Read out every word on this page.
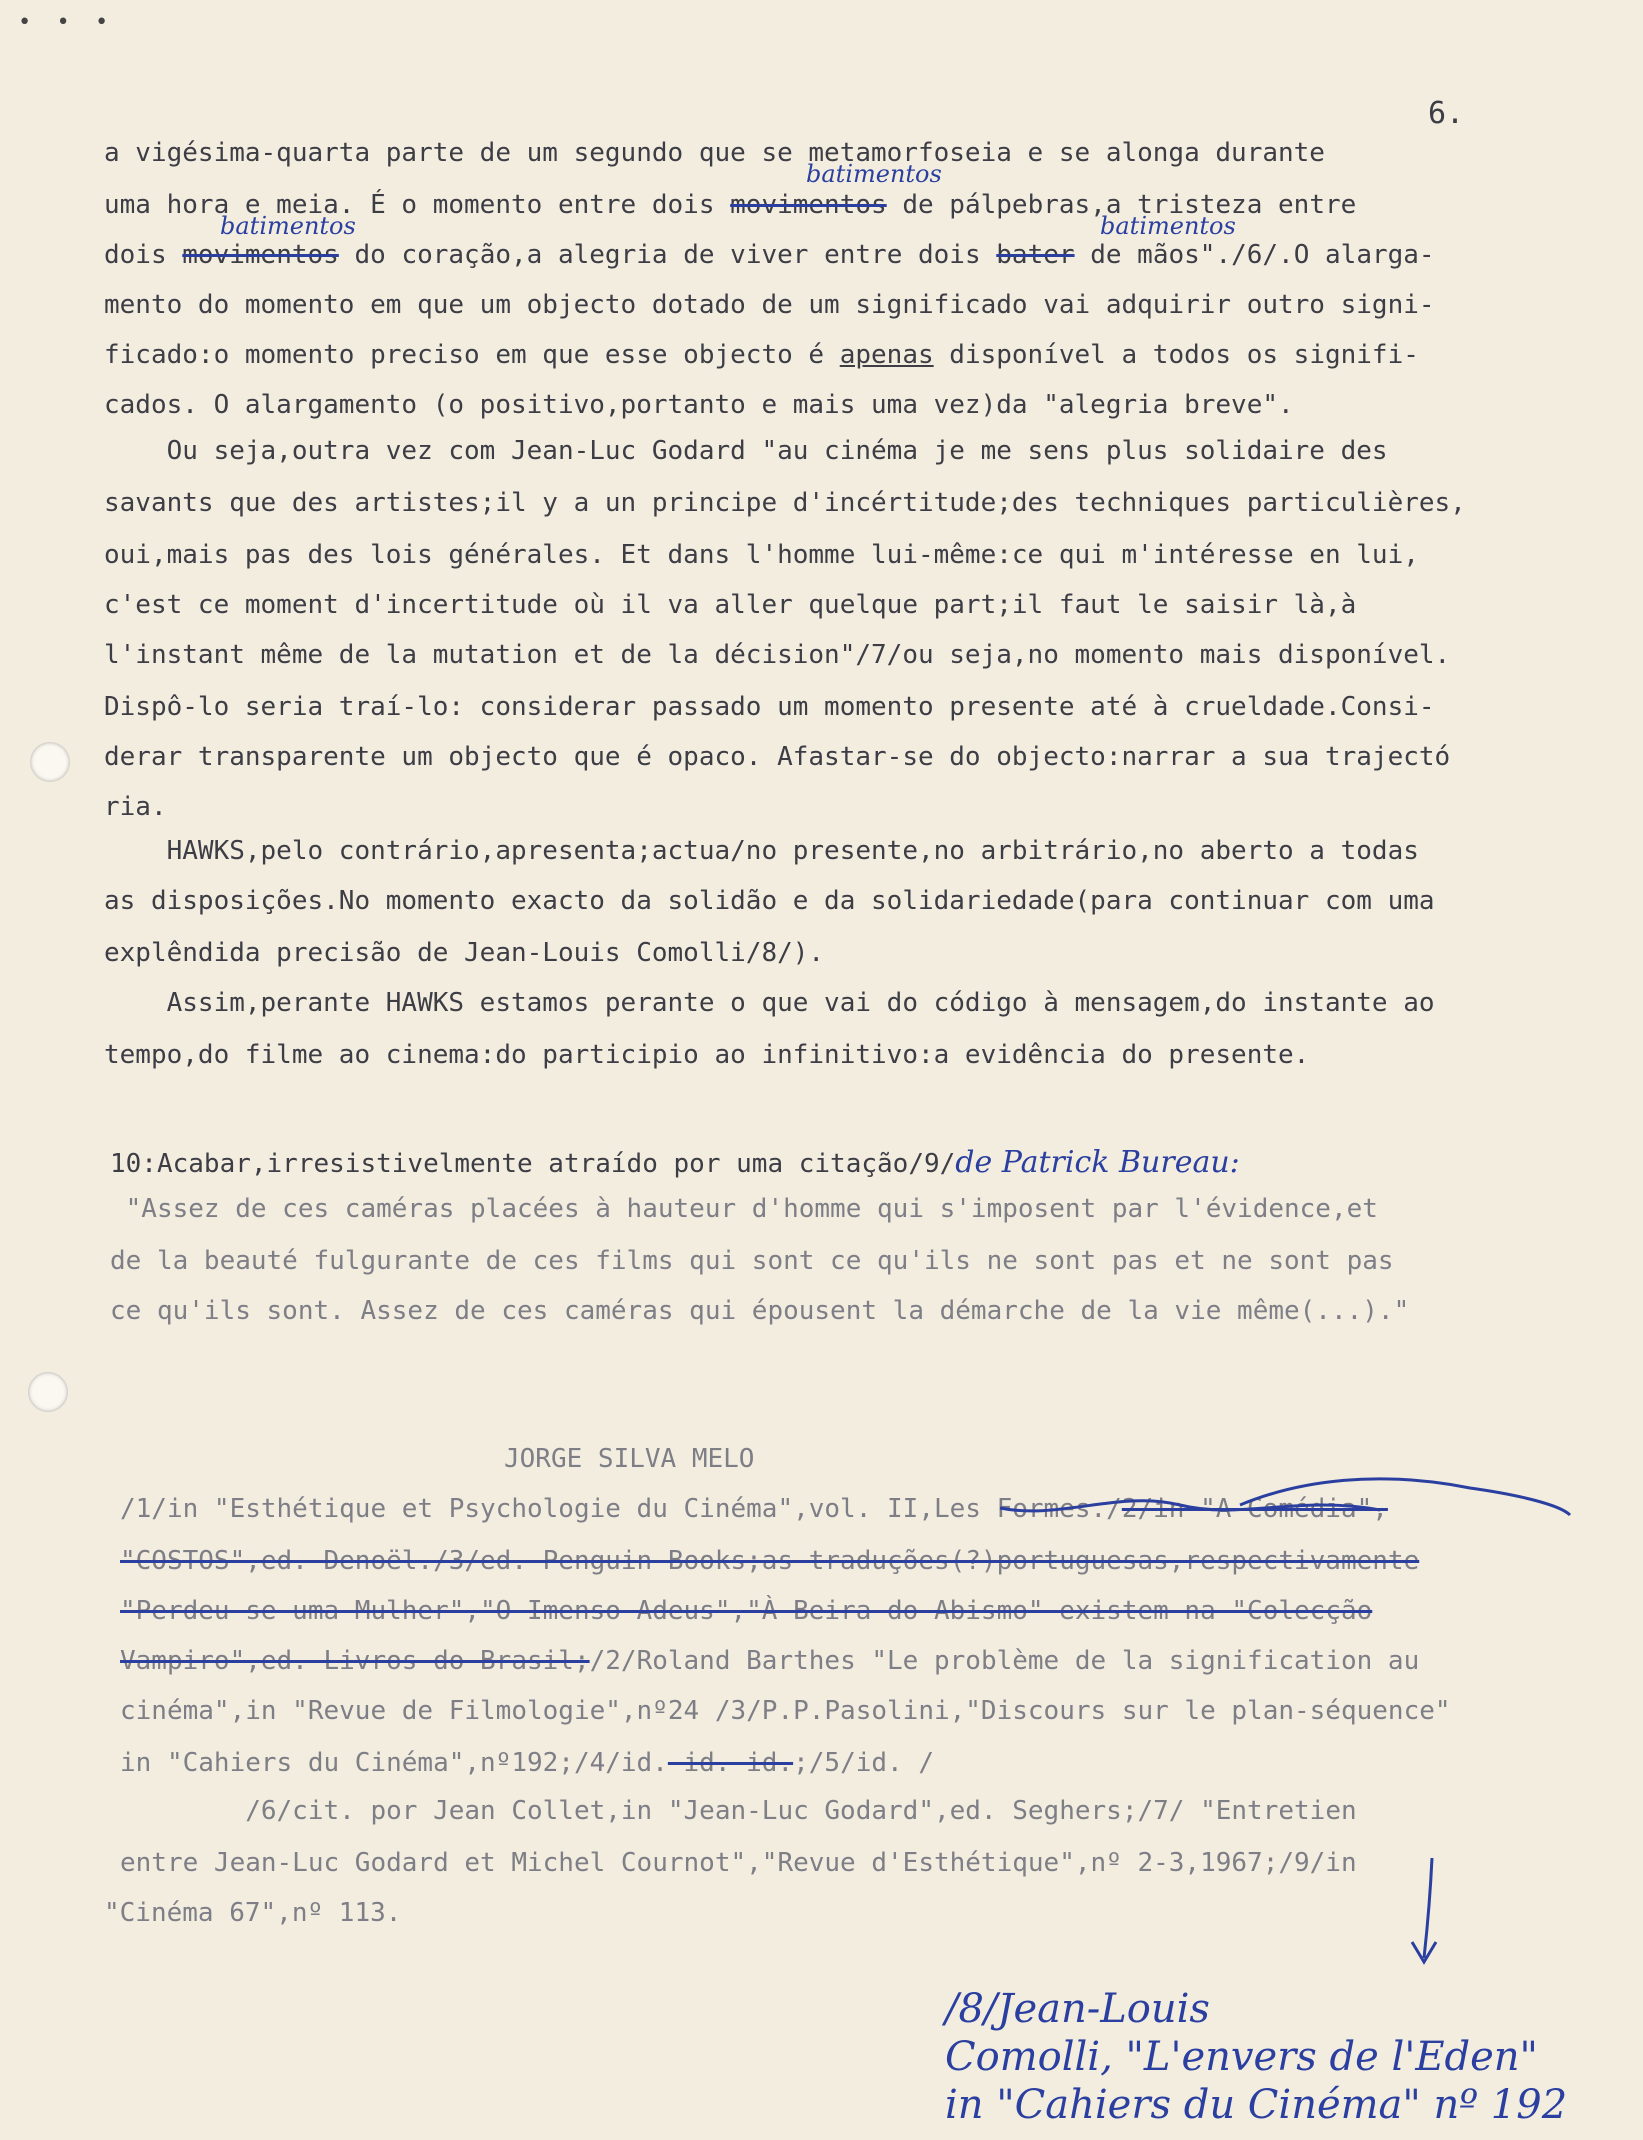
• • •
6.
a vigésima-quarta parte de um segundo que se metamorfoseia e se alonga durante
uma hora e meia. É o momento entre dois movimentos de pálpebras,a tristeza entre
dois movimentos do coração,a alegria de viver entre dois bater de mãos"./6/.O alarga-
mento do momento em que um objecto dotado de um significado vai adquirir outro signi-
ficado:o momento preciso em que esse objecto é apenas disponível a todos os signifi-
cados. O alargamento (o positivo,portanto e mais uma vez)da "alegria breve".
batimentos
batimentos	batimentos
Ou seja,outra vez com Jean-Luc Godard "au cinéma je me sens plus solidaire des
savants que des artistes;il y a un principe d'incértitude;des techniques particulières,
oui,mais pas des lois générales. Et dans l'homme lui-même:ce qui m'intéresse en lui,
c'est ce moment d'incertitude où il va aller quelque part;il faut le saisir là,à
l'instant même de la mutation et de la décision"/7/ou seja,no momento mais disponível.
Dispô-lo seria traí-lo: considerar passado um momento presente até à crueldade.Consi-
derar transparente um objecto que é opaco. Afastar-se do objecto:narrar a sua trajectó
ria.
HAWKS,pelo contrário,apresenta;actua/no presente,no arbitrário,no aberto a todas
as disposições.No momento exacto da solidão e da solidariedade(para continuar com uma
explêndida precisão de Jean-Louis Comolli/8/).
Assim,perante HAWKS estamos perante o que vai do código à mensagem,do instante ao
tempo,do filme ao cinema:do participio ao infinitivo:a evidência do presente.
10:Acabar,irresistivelmente atraído por uma citação/9/de Patrick Bureau:
"Assez de ces caméras placées à hauteur d'homme qui s'imposent par l'évidence,et
de la beauté fulgurante de ces films qui sont ce qu'ils ne sont pas et ne sont pas
ce qu'ils sont. Assez de ces caméras qui épousent la démarche de la vie même(...)."
JORGE SILVA MELO
/1/in "Esthétique et Psychologie du Cinéma",vol. II,Les Formes./2/in "A Comédia",
"COSTOS",ed. Denoël./3/ed. Penguin Books;as traduções(?)portuguesas,respectivamente
"Perdeu-se uma Mulher","O Imenso Adeus","À Beira do Abismo" existem na "Colecção
Vampiro",ed. Livros do Brasil;/2/Roland Barthes "Le problème de la signification au
cinéma",in "Revue de Filmologie",nº24 /3/P.P.Pasolini,"Discours sur le plan-séquence"
in "Cahiers du Cinéma",nº192;/4/id. id. id.;/5/id. /
/6/cit. por Jean Collet,in "Jean-Luc Godard",ed. Seghers;/7/ "Entretien
entre Jean-Luc Godard et Michel Cournot","Revue d'Esthétique",nº 2-3,1967;/9/in
"Cinéma 67",nº 113.
/8/Jean-Louis
Comolli, "L'envers de l'Eden"
in "Cahiers du Cinéma" nº 192
